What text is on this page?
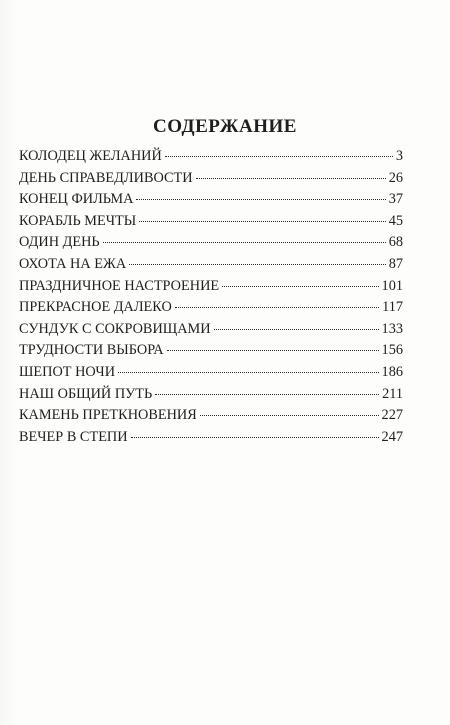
СОДЕРЖАНИЕ
КОЛОДЕЦ ЖЕЛАНИЙ	3
ДЕНЬ СПРАВЕДЛИВОСТИ	26
КОНЕЦ ФИЛЬМА	37
КОРАБЛЬ МЕЧТЫ	45
ОДИН ДЕНЬ	68
ОХОТА НА ЕЖА	87
ПРАЗДНИЧНОЕ НАСТРОЕНИЕ	101
ПРЕКРАСНОЕ ДАЛЕКО	117
СУНДУК С СОКРОВИЩАМИ	133
ТРУДНОСТИ ВЫБОРА	156
ШЕПОТ НОЧИ	186
НАШ ОБЩИЙ ПУТЬ	211
КАМЕНЬ ПРЕТКНОВЕНИЯ	227
ВЕЧЕР В СТЕПИ	247
